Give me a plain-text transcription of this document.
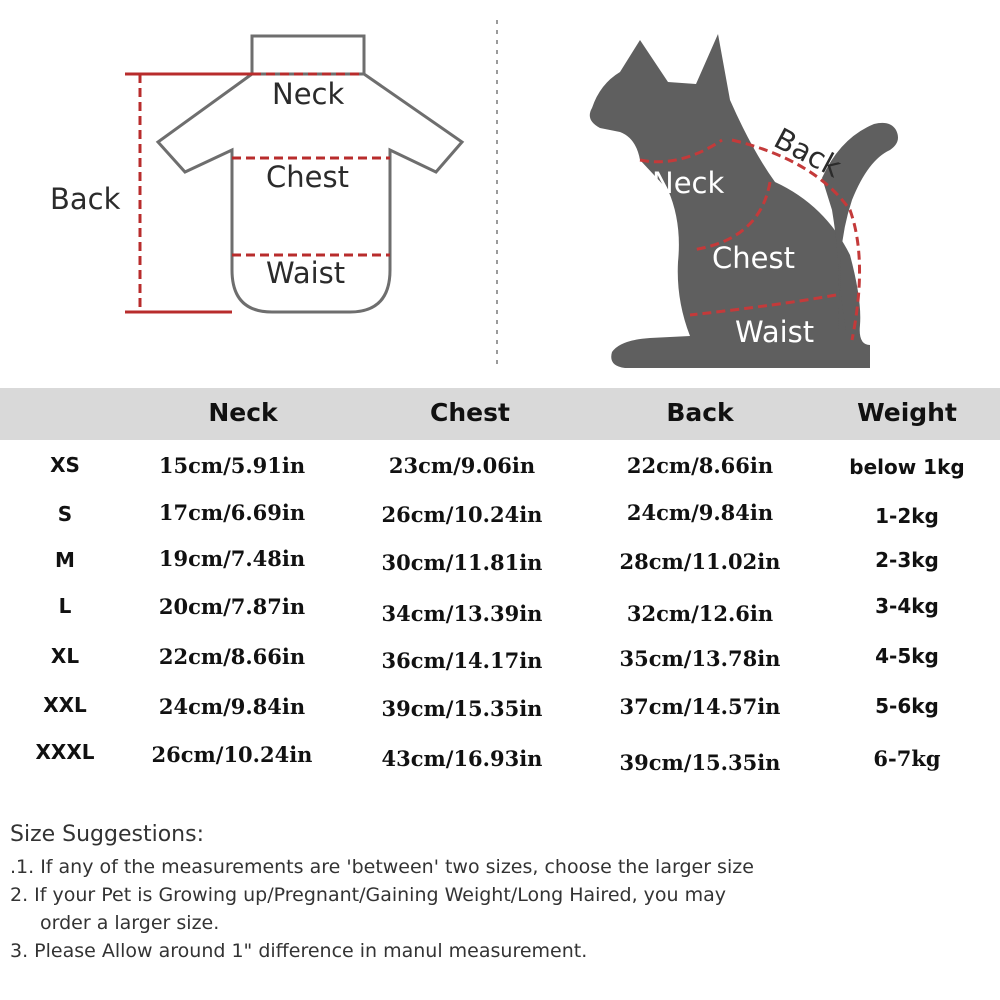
Neck
Chest
Waist
Back	Neck
Chest
Waist
Back
Neck	Chest	Back	Weight
XS	15cm/5.91in	23cm/9.06in	22cm/8.66in	below 1kg
S	17cm/6.69in	26cm/10.24in	24cm/9.84in	1-2kg
M	19cm/7.48in	30cm/11.81in	28cm/11.02in	2-3kg
L	20cm/7.87in	34cm/13.39in	32cm/12.6in	3-4kg
XL	22cm/8.66in	36cm/14.17in	35cm/13.78in	4-5kg
XXL	24cm/9.84in	39cm/15.35in	37cm/14.57in	5-6kg
XXXL	26cm/10.24in	43cm/16.93in	39cm/15.35in	6-7kg
Size Suggestions:
.1. If any of the measurements are 'between' two sizes, choose the larger size
2. If your Pet is Growing up/Pregnant/Gaining Weight/Long Haired, you may
order a larger size.
3. Please Allow around 1" difference in manul measurement.
